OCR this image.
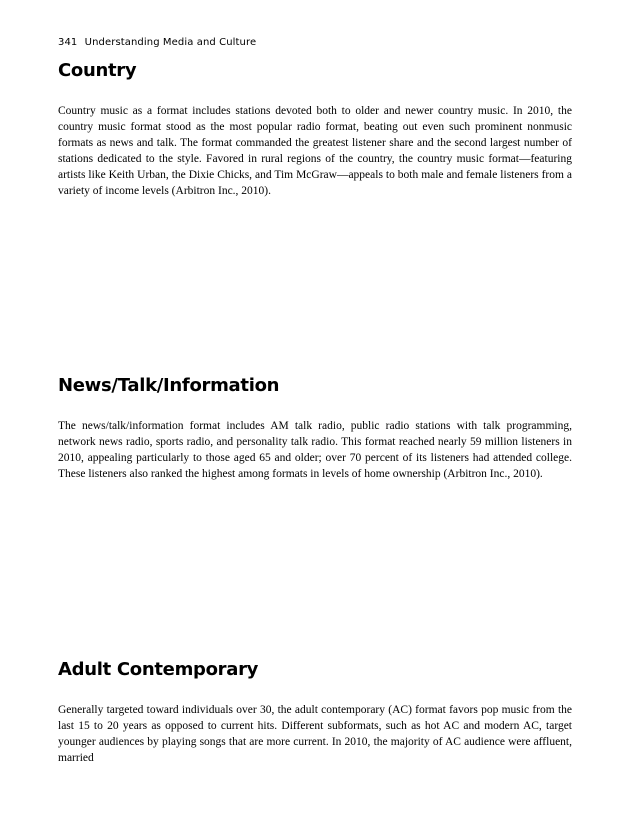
341 Understanding Media and Culture
Country

Country music as a format includes stations devoted both to older and newer country music. In 2010, the country music format stood as the most popular radio format, beating out even such prominent nonmusic formats as news and talk. The format commanded the greatest listener share and the second largest number of stations dedicated to the style. Favored in rural regions of the country, the country music format—featuring artists like Keith Urban, the Dixie Chicks, and Tim McGraw—appeals to both male and female listeners from a variety of income levels (Arbitron Inc., 2010).

News/Talk/Information

The news/talk/information format includes AM talk radio, public radio stations with talk programming, network news radio, sports radio, and personality talk radio. This format reached nearly 59 million listeners in 2010, appealing particularly to those aged 65 and older; over 70 percent of its listeners had attended college. These listeners also ranked the highest among formats in levels of home ownership (Arbitron Inc., 2010).

Adult Contemporary

Generally targeted toward individuals over 30, the adult contemporary (AC) format favors pop music from the last 15 to 20 years as opposed to current hits. Different subformats, such as hot AC and modern AC, target younger audiences by playing songs that are more current. In 2010, the majority of AC audience were affluent, married
